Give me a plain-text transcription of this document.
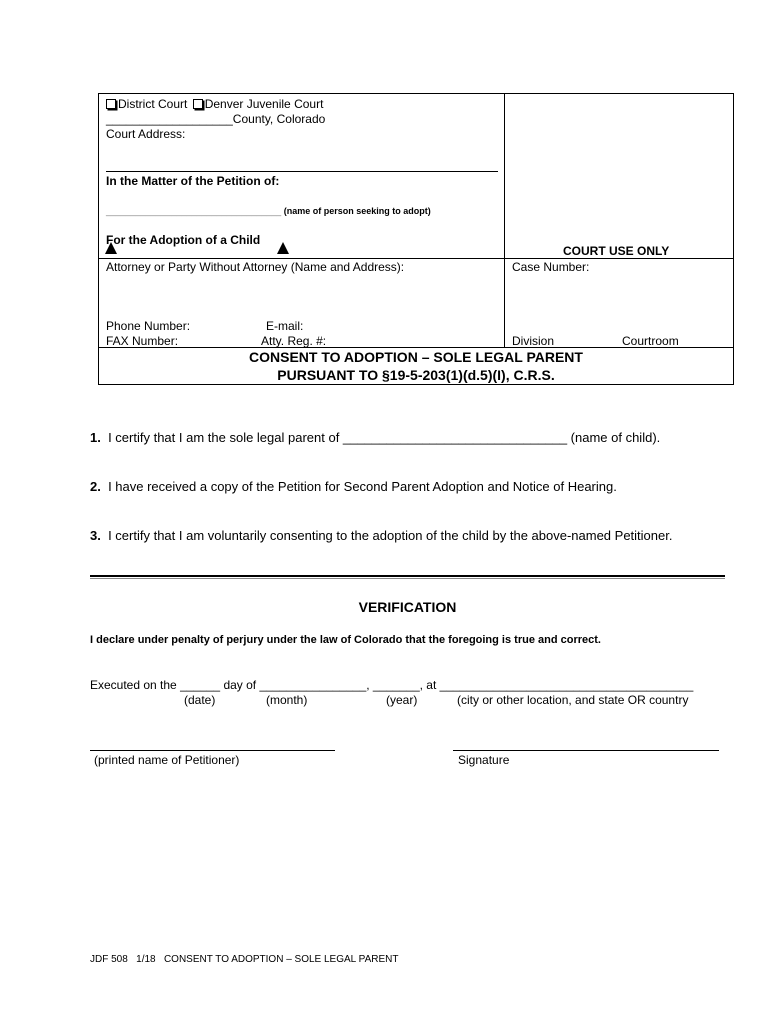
District Court Denver Juvenile Court
___________________County, Colorado
Court Address:
In the Matter of the Petition of:
___________________________________ (name of person seeking to adopt)
For the Adoption of a Child
COURT USE ONLY
Attorney or Party Without Attorney (Name and Address):	Case Number:
Phone Number:	E-mail:
FAX Number:	Atty. Reg. #:	Division	Courtroom
CONSENT TO ADOPTION – SOLE LEGAL PARENT
PURSUANT TO §19-5-203(1)(d.5)(I), C.R.S.
1. I certify that I am the sole legal parent of _______________________________ (name of child).
2. I have received a copy of the Petition for Second Parent Adoption and Notice of Hearing.
3. I certify that I am voluntarily consenting to the adoption of the child by the above-named Petitioner.
VERIFICATION
I declare under penalty of perjury under the law of Colorado that the foregoing is true and correct.
Executed on the ______ day of ________________, _______, at ______________________________________
(date)	(month)	(year)	(city or other location, and state OR country
(printed name of Petitioner)	Signature
JDF 508 1/18 CONSENT TO ADOPTION – SOLE LEGAL PARENT
